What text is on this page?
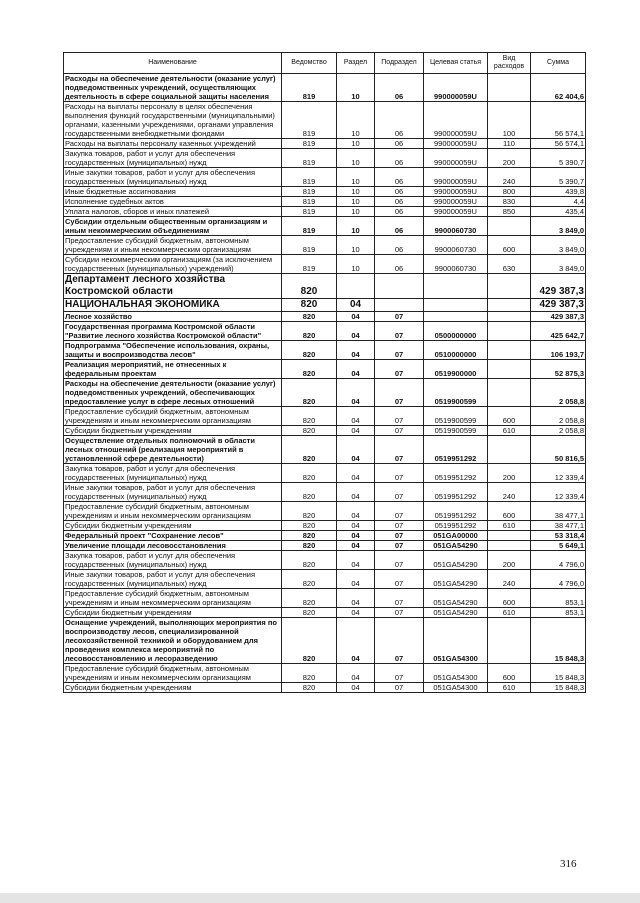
Наименование	Ведомство	Раздел	Подраздел	Целевая статья	Вид расходов	Сумма
Расходы на обеспечение деятельности (оказание услуг) подведомственных учреждений, осуществляющих деятельность в сфере социальной защиты населения	819	10	06	990000059U		62 404,6
Расходы на выплаты персоналу в целях обеспечения выполнения функций государственными (муниципальными) органами, казенными учреждениями, органами управления государственными внебюджетными фондами	819	10	06	990000059U	100	56 574,1
Расходы на выплаты персоналу казенных учреждений	819	10	06	990000059U	110	56 574,1
Закупка товаров, работ и услуг для обеспечения государственных (муниципальных) нужд	819	10	06	990000059U	200	5 390,7
Иные закупки товаров, работ и услуг для обеспечения государственных (муниципальных) нужд	819	10	06	990000059U	240	5 390,7
Иные бюджетные ассигнования	819	10	06	990000059U	800	439,8
Исполнение судебных актов	819	10	06	990000059U	830	4,4
Уплата налогов, сборов и иных платежей	819	10	06	990000059U	850	435,4
Субсидии отдельным общественным организациям и иным некоммерческим объединениям	819	10	06	9900060730		3 849,0
Предоставление субсидий бюджетным, автономным учреждениям и иным некоммерческим организациям	819	10	06	9900060730	600	3 849,0
Субсидии некоммерческим организациям (за исключением государственных (муниципальных) учреждений)	819	10	06	9900060730	630	3 849,0
Департамент лесного хозяйства Костромской области	820					429 387,3
НАЦИОНАЛЬНАЯ ЭКОНОМИКА	820	04				429 387,3
Лесное хозяйство	820	04	07			429 387,3
Государственная программа Костромской области "Развитие лесного хозяйства Костромской области"	820	04	07	0500000000		425 642,7
Подпрограмма "Обеспечение использования, охраны, защиты и воспроизводства лесов"	820	04	07	0510000000		106 193,7
Реализация мероприятий, не отнесенных к федеральным проектам	820	04	07	0519900000		52 875,3
Расходы на обеспечение деятельности (оказание услуг) подведомственных учреждений, обеспечивающих предоставление услуг в сфере лесных отношений	820	04	07	0519900599		2 058,8
Предоставление субсидий бюджетным, автономным учреждениям и иным некоммерческим организациям	820	04	07	0519900599	600	2 058,8
Субсидии бюджетным учреждениям	820	04	07	0519900599	610	2 058,8
Осуществление отдельных полномочий в области лесных отношений (реализация мероприятий в установленной сфере деятельности)	820	04	07	0519951292		50 816,5
Закупка товаров, работ и услуг для обеспечения государственных (муниципальных) нужд	820	04	07	0519951292	200	12 339,4
Иные закупки товаров, работ и услуг для обеспечения государственных (муниципальных) нужд	820	04	07	0519951292	240	12 339,4
Предоставление субсидий бюджетным, автономным учреждениям и иным некоммерческим организациям	820	04	07	0519951292	600	38 477,1
Субсидии бюджетным учреждениям	820	04	07	0519951292	610	38 477,1
Федеральный проект "Сохранение лесов"	820	04	07	051GA00000		53 318,4
Увеличение площади лесовосстановления	820	04	07	051GA54290		5 649,1
Закупка товаров, работ и услуг для обеспечения государственных (муниципальных) нужд	820	04	07	051GA54290	200	4 796,0
Иные закупки товаров, работ и услуг для обеспечения государственных (муниципальных) нужд	820	04	07	051GA54290	240	4 796,0
Предоставление субсидий бюджетным, автономным учреждениям и иным некоммерческим организациям	820	04	07	051GA54290	600	853,1
Субсидии бюджетным учреждениям	820	04	07	051GA54290	610	853,1
Оснащение учреждений, выполняющих мероприятия по воспроизводству лесов, специализированной лесохозяйственной техникой и оборудованием для проведения комплекса мероприятий по лесовосстановлению и лесоразведению	820	04	07	051GA54300		15 848,3
Предоставление субсидий бюджетным, автономным учреждениям и иным некоммерческим организациям	820	04	07	051GA54300	600	15 848,3
Субсидии бюджетным учреждениям	820	04	07	051GA54300	610	15 848,3
316
